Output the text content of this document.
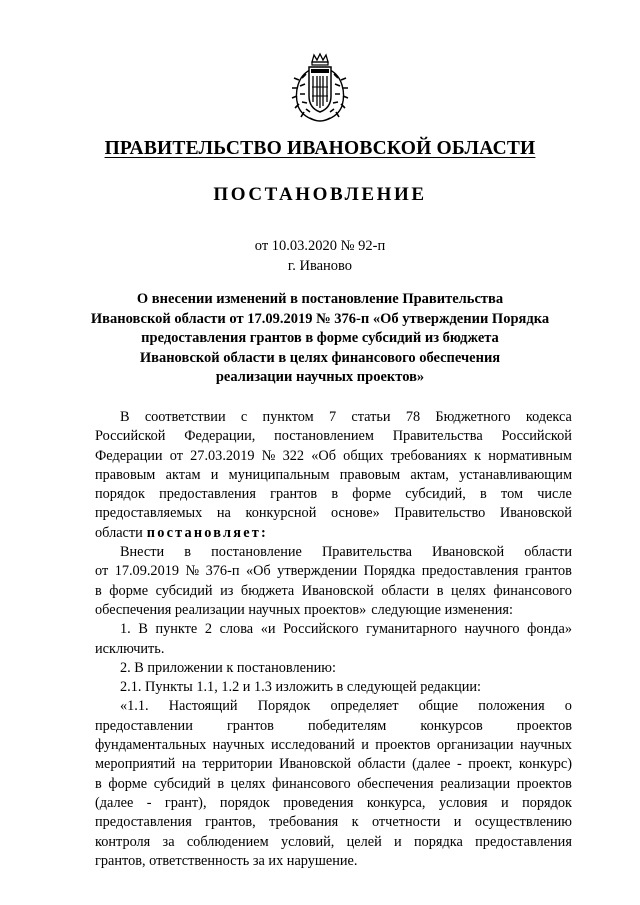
ПРАВИТЕЛЬСТВО ИВАНОВСКОЙ ОБЛАСТИ
ПОСТАНОВЛЕНИЕ
от 10.03.2020 № 92-п
г. Иваново
О внесении изменений в постановление Правительства
Ивановской области от 17.09.2019 № 376-п «Об утверждении Порядка
предоставления грантов в форме субсидий из бюджета
Ивановской области в целях финансового обеспечения
реализации научных проектов»
В соответствии с пунктом 7 статьи 78 Бюджетного кодекса
Российской Федерации, постановлением Правительства Российской
Федерации от 27.03.2019 № 322 «Об общих требованиях к нормативным
правовым актам и муниципальным правовым актам, устанавливающим
порядок предоставления грантов в форме субсидий, в том числе
предоставляемых на конкурсной основе» Правительство Ивановской
области постановляет:
Внести в постановление Правительства Ивановской области
от 17.09.2019 № 376-п «Об утверждении Порядка предоставления грантов
в форме субсидий из бюджета Ивановской области в целях финансового
обеспечения реализации научных проектов» следующие изменения:
1. В пункте 2 слова «и Российского гуманитарного научного фонда»
исключить.
2. В приложении к постановлению:
2.1. Пункты 1.1, 1.2 и 1.3 изложить в следующей редакции:
«1.1. Настоящий Порядок определяет общие положения о
предоставлении грантов победителям конкурсов проектов
фундаментальных научных исследований и проектов организации научных
мероприятий на территории Ивановской области (далее - проект, конкурс)
в форме субсидий в целях финансового обеспечения реализации проектов
(далее - грант), порядок проведения конкурса, условия и порядок
предоставления грантов, требования к отчетности и осуществлению
контроля за соблюдением условий, целей и порядка предоставления
грантов, ответственность за их нарушение.
